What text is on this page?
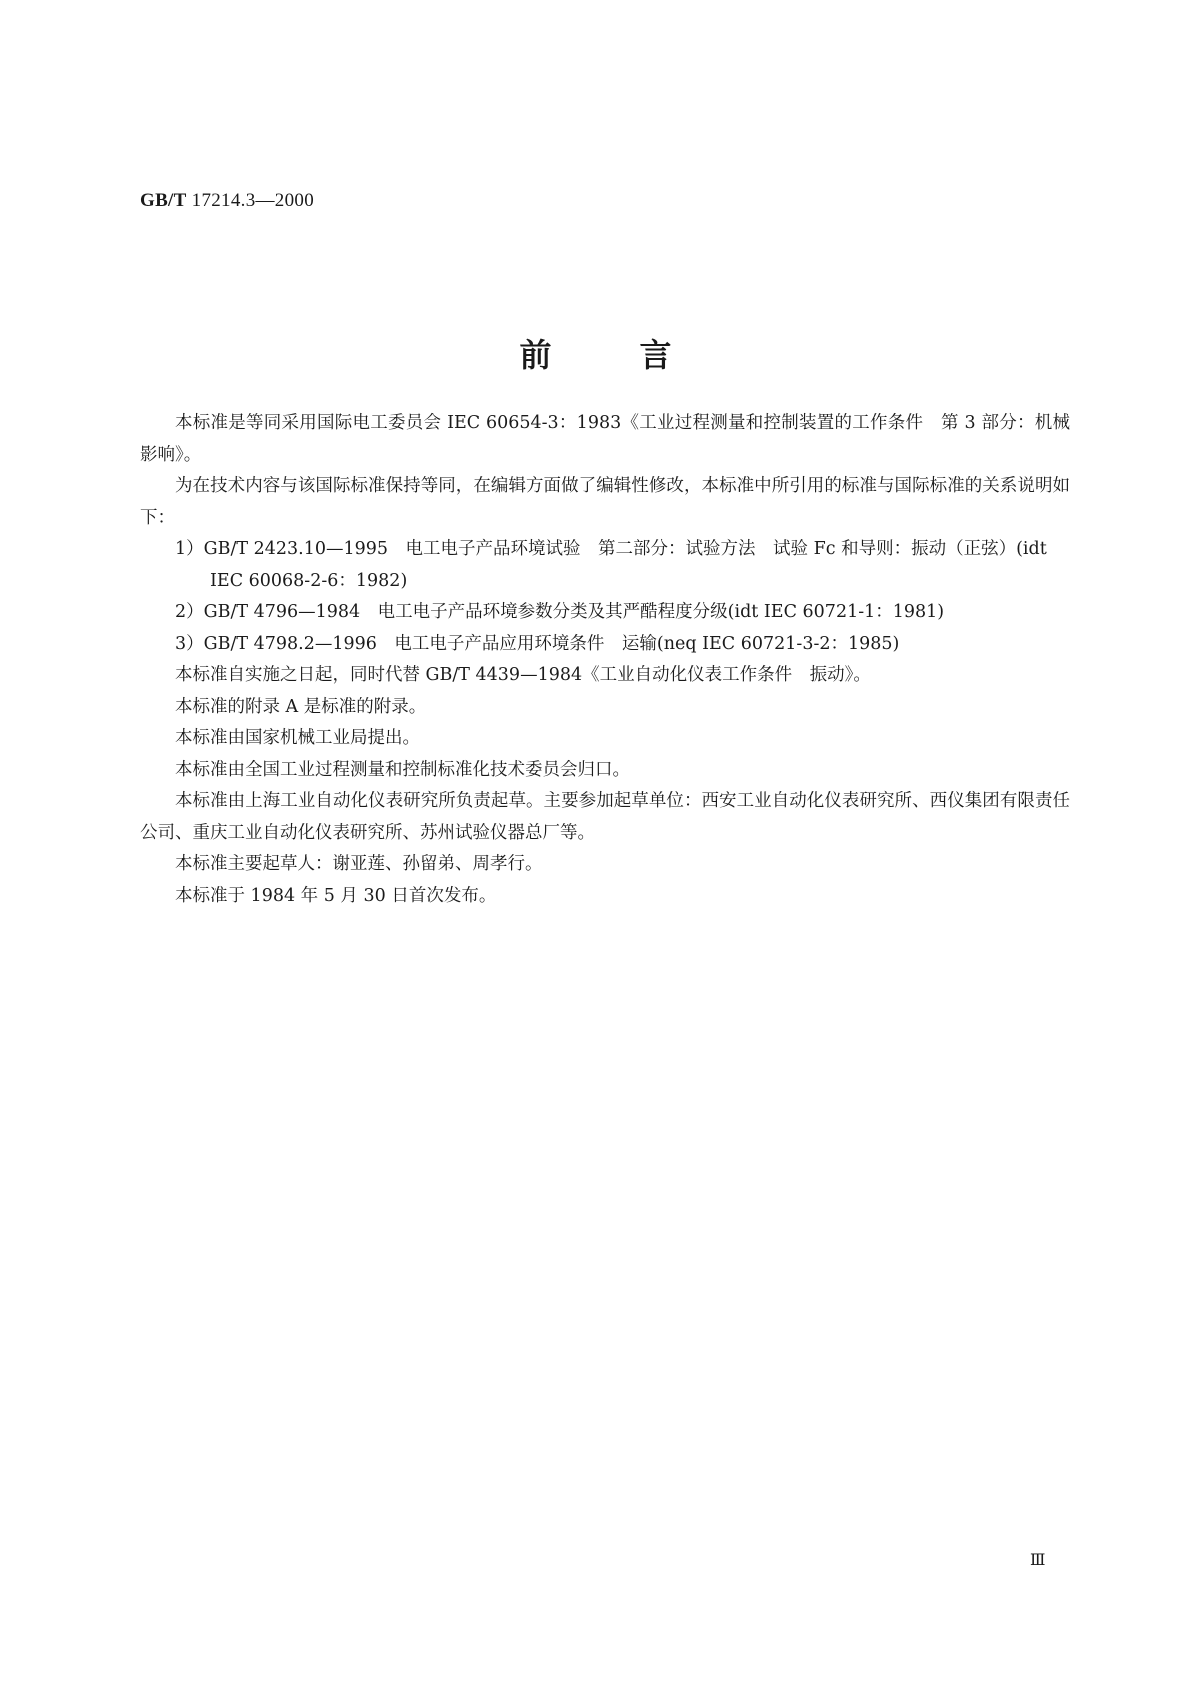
GB/T 17214.3—2000
前言

本标准是等同采用国际电工委员会 IEC 60654-3：1983《工业过程测量和控制装置的工作条件　第 3 部分：机械影响》。

为在技术内容与该国际标准保持等同，在编辑方面做了编辑性修改，本标准中所引用的标准与国际标准的关系说明如下：

1）GB/T 2423.10—1995　电工电子产品环境试验　第二部分：试验方法　试验 Fc 和导则：振动（正弦）(idt IEC 60068-2-6：1982)

2）GB/T 4796—1984　电工电子产品环境参数分类及其严酷程度分级(idt IEC 60721-1：1981)

3）GB/T 4798.2—1996　电工电子产品应用环境条件　运输(neq IEC 60721-3-2：1985)

本标准自实施之日起，同时代替 GB/T 4439—1984《工业自动化仪表工作条件　振动》。

本标准的附录 A 是标准的附录。

本标准由国家机械工业局提出。

本标准由全国工业过程测量和控制标准化技术委员会归口。

本标准由上海工业自动化仪表研究所负责起草。主要参加起草单位：西安工业自动化仪表研究所、西仪集团有限责任公司、重庆工业自动化仪表研究所、苏州试验仪器总厂等。

本标准主要起草人：谢亚莲、孙留弟、周孝行。

本标准于 1984 年 5 月 30 日首次发布。

Ⅲ
